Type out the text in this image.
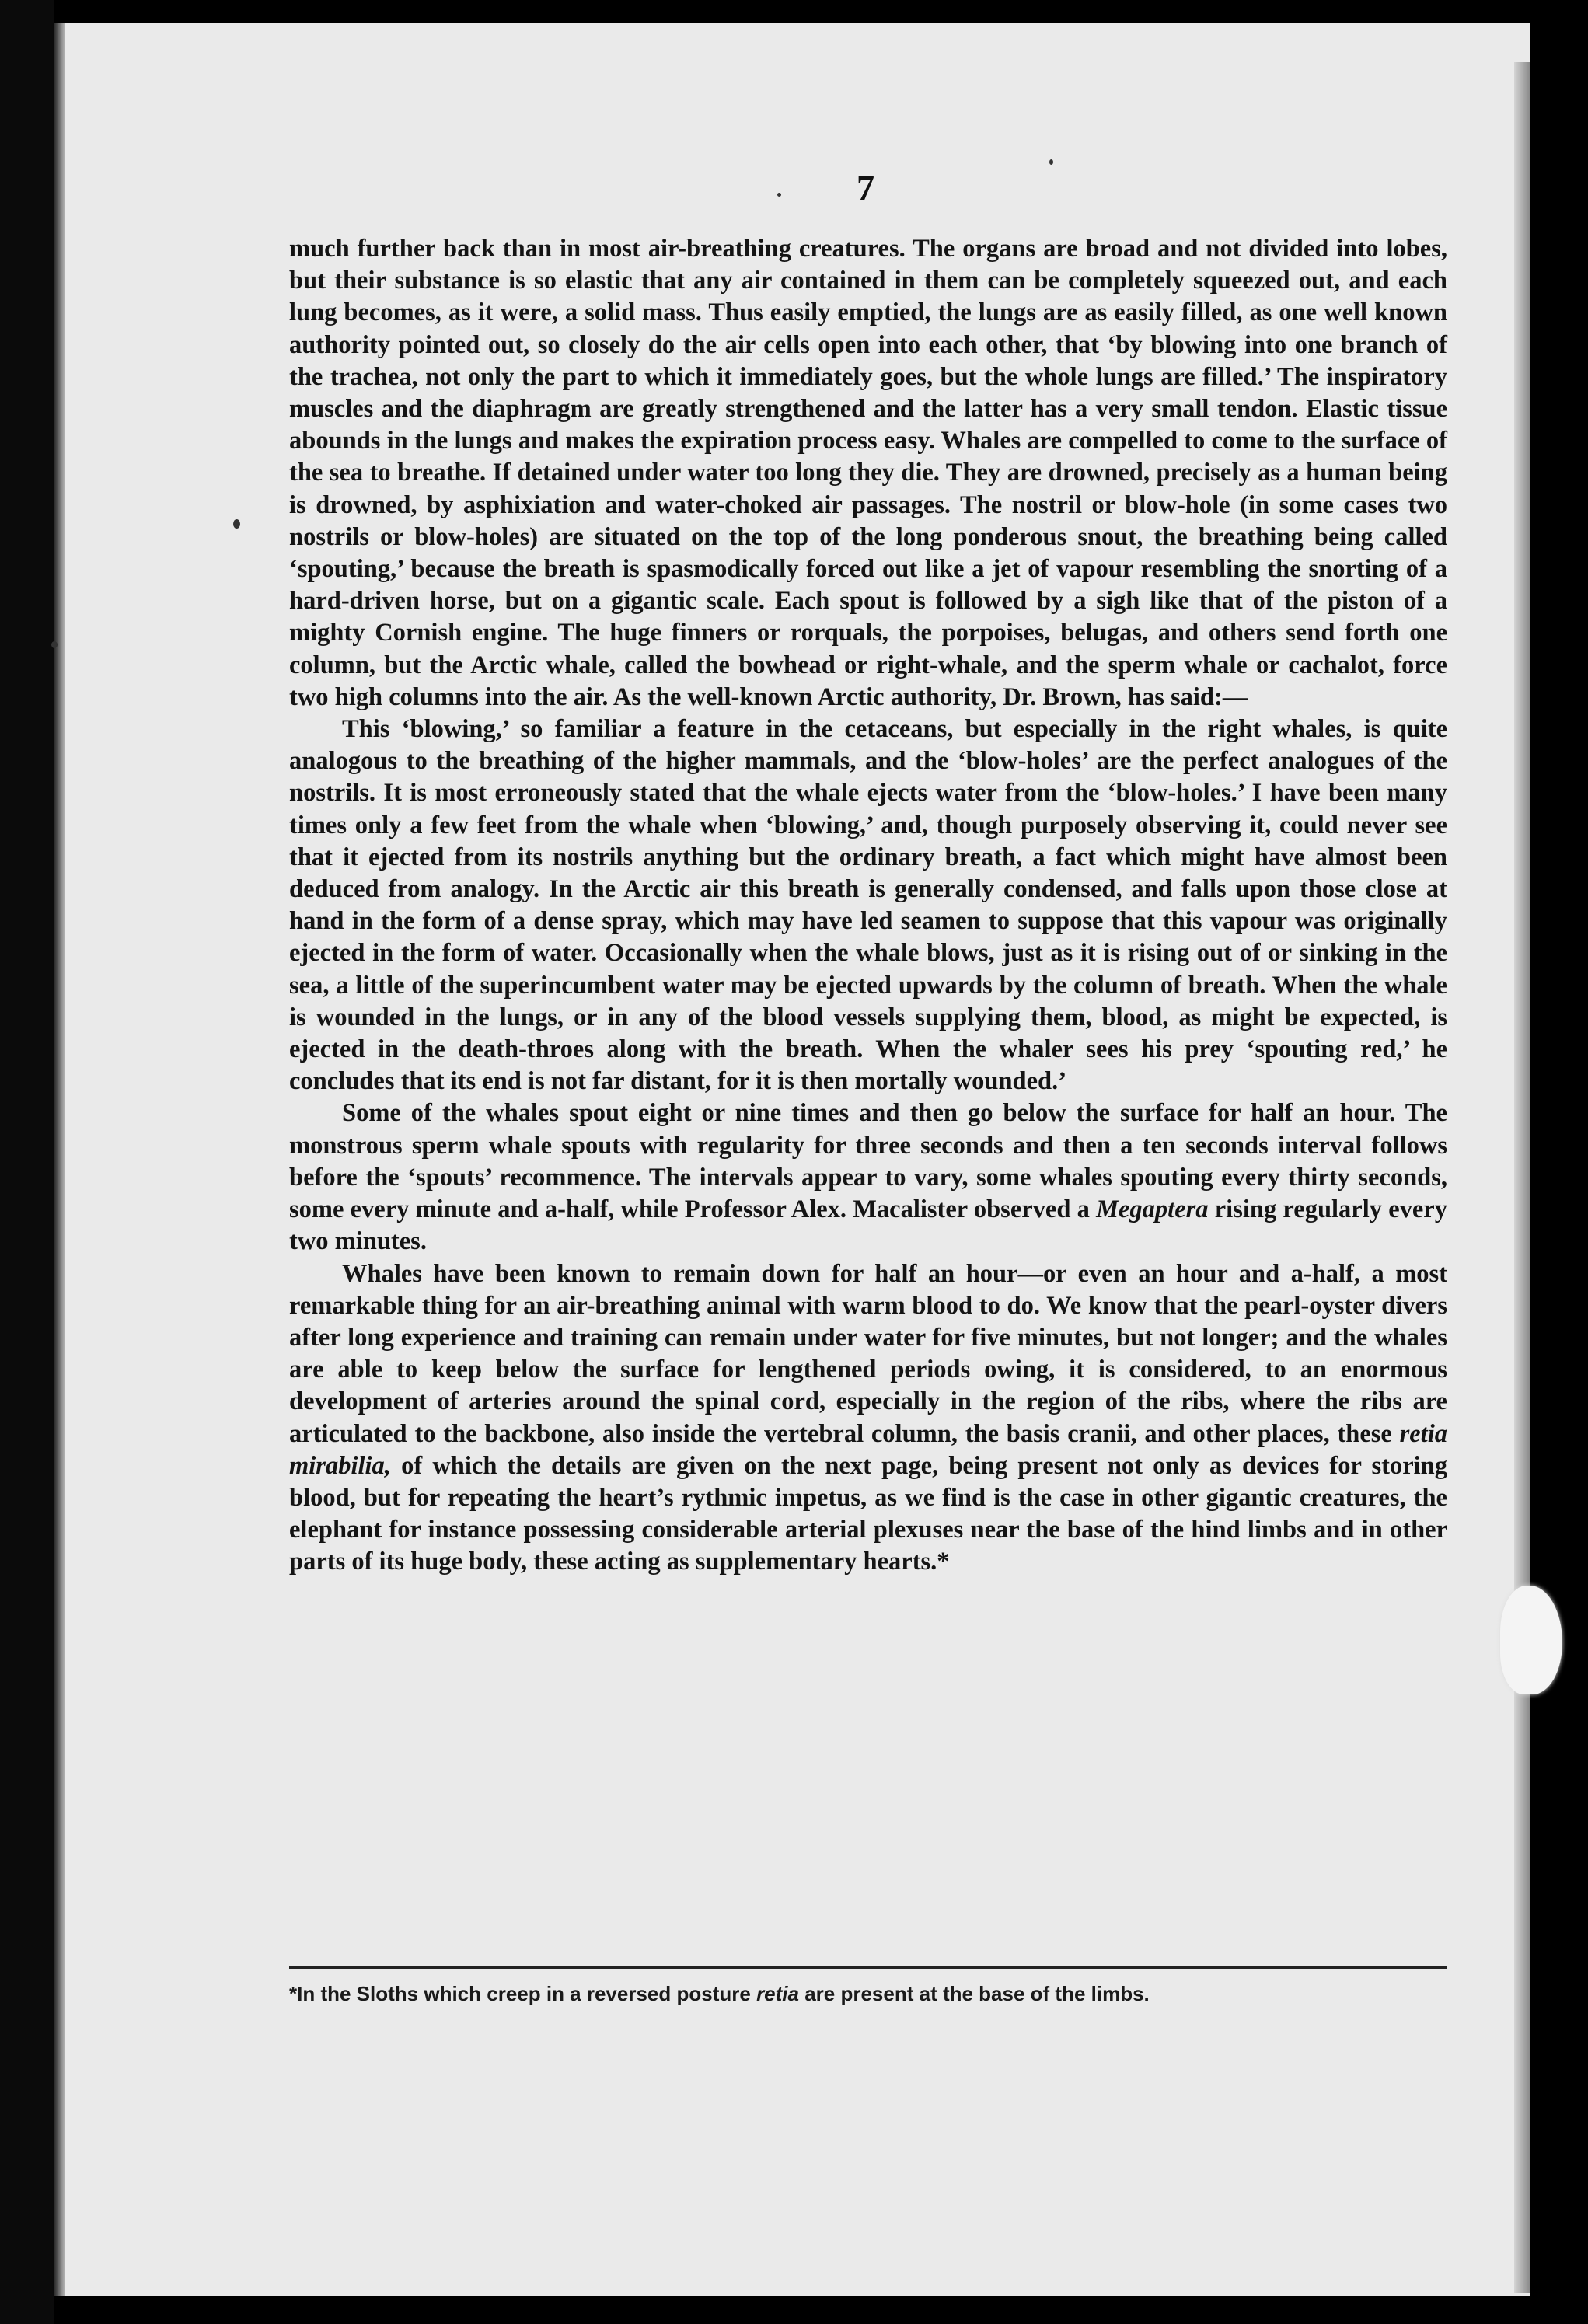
7

much further back than in most air-breathing creatures. The organs are broad and not divided into lobes, but their substance is so elastic that any air contained in them can be completely squeezed out, and each lung becomes, as it were, a solid mass. Thus easily emptied, the lungs are as easily filled, as one well known authority pointed out, so closely do the air cells open into each other, that ‘by blowing into one branch of the trachea, not only the part to which it immediately goes, but the whole lungs are filled.’ The inspiratory muscles and the diaphragm are greatly strengthened and the latter has a very small tendon. Elastic tissue abounds in the lungs and makes the expiration process easy. Whales are compelled to come to the surface of the sea to breathe. If detained under water too long they die. They are drowned, precisely as a human being is drowned, by asphixiation and water-choked air passages. The nostril or blow-hole (in some cases two nostrils or blow-holes) are situated on the top of the long ponderous snout, the breathing being called ‘spouting,’ because the breath is spasmodically forced out like a jet of vapour resembling the snorting of a hard-driven horse, but on a gigantic scale. Each spout is followed by a sigh like that of the piston of a mighty Cornish engine. The huge finners or rorquals, the porpoises, belugas, and others send forth one column, but the Arctic whale, called the bowhead or right-whale, and the sperm whale or cachalot, force two high columns into the air. As the well-known Arctic authority, Dr. Brown, has said:—

This ‘blowing,’ so familiar a feature in the cetaceans, but especially in the right whales, is quite analogous to the breathing of the higher mammals, and the ‘blow-holes’ are the perfect analogues of the nostrils. It is most erroneously stated that the whale ejects water from the ‘blow-holes.’ I have been many times only a few feet from the whale when ‘blowing,’ and, though purposely observing it, could never see that it ejected from its nostrils anything but the ordinary breath, a fact which might have almost been deduced from analogy. In the Arctic air this breath is generally condensed, and falls upon those close at hand in the form of a dense spray, which may have led seamen to suppose that this vapour was originally ejected in the form of water. Occasionally when the whale blows, just as it is rising out of or sinking in the sea, a little of the superincumbent water may be ejected upwards by the column of breath. When the whale is wounded in the lungs, or in any of the blood vessels supplying them, blood, as might be expected, is ejected in the death-throes along with the breath. When the whaler sees his prey ‘spouting red,’ he concludes that its end is not far distant, for it is then mortally wounded.’

Some of the whales spout eight or nine times and then go below the surface for half an hour. The monstrous sperm whale spouts with regularity for three seconds and then a ten seconds interval follows before the ‘spouts’ recommence. The intervals appear to vary, some whales spouting every thirty seconds, some every minute and a-half, while Professor Alex. Macalister observed a Megaptera rising regularly every two minutes.

Whales have been known to remain down for half an hour—or even an hour and a-half, a most remarkable thing for an air-breathing animal with warm blood to do. We know that the pearl-oyster divers after long experience and training can remain under water for five minutes, but not longer; and the whales are able to keep below the surface for lengthened periods owing, it is considered, to an enormous development of arteries around the spinal cord, especially in the region of the ribs, where the ribs are articulated to the backbone, also inside the vertebral column, the basis cranii, and other places, these retia mirabilia, of which the details are given on the next page, being present not only as devices for storing blood, but for repeating the heart’s rythmic impetus, as we find is the case in other gigantic creatures, the elephant for instance possessing considerable arterial plexuses near the base of the hind limbs and in other parts of its huge body, these acting as supplementary hearts.*

*In the Sloths which creep in a reversed posture retia are present at the base of the limbs.
